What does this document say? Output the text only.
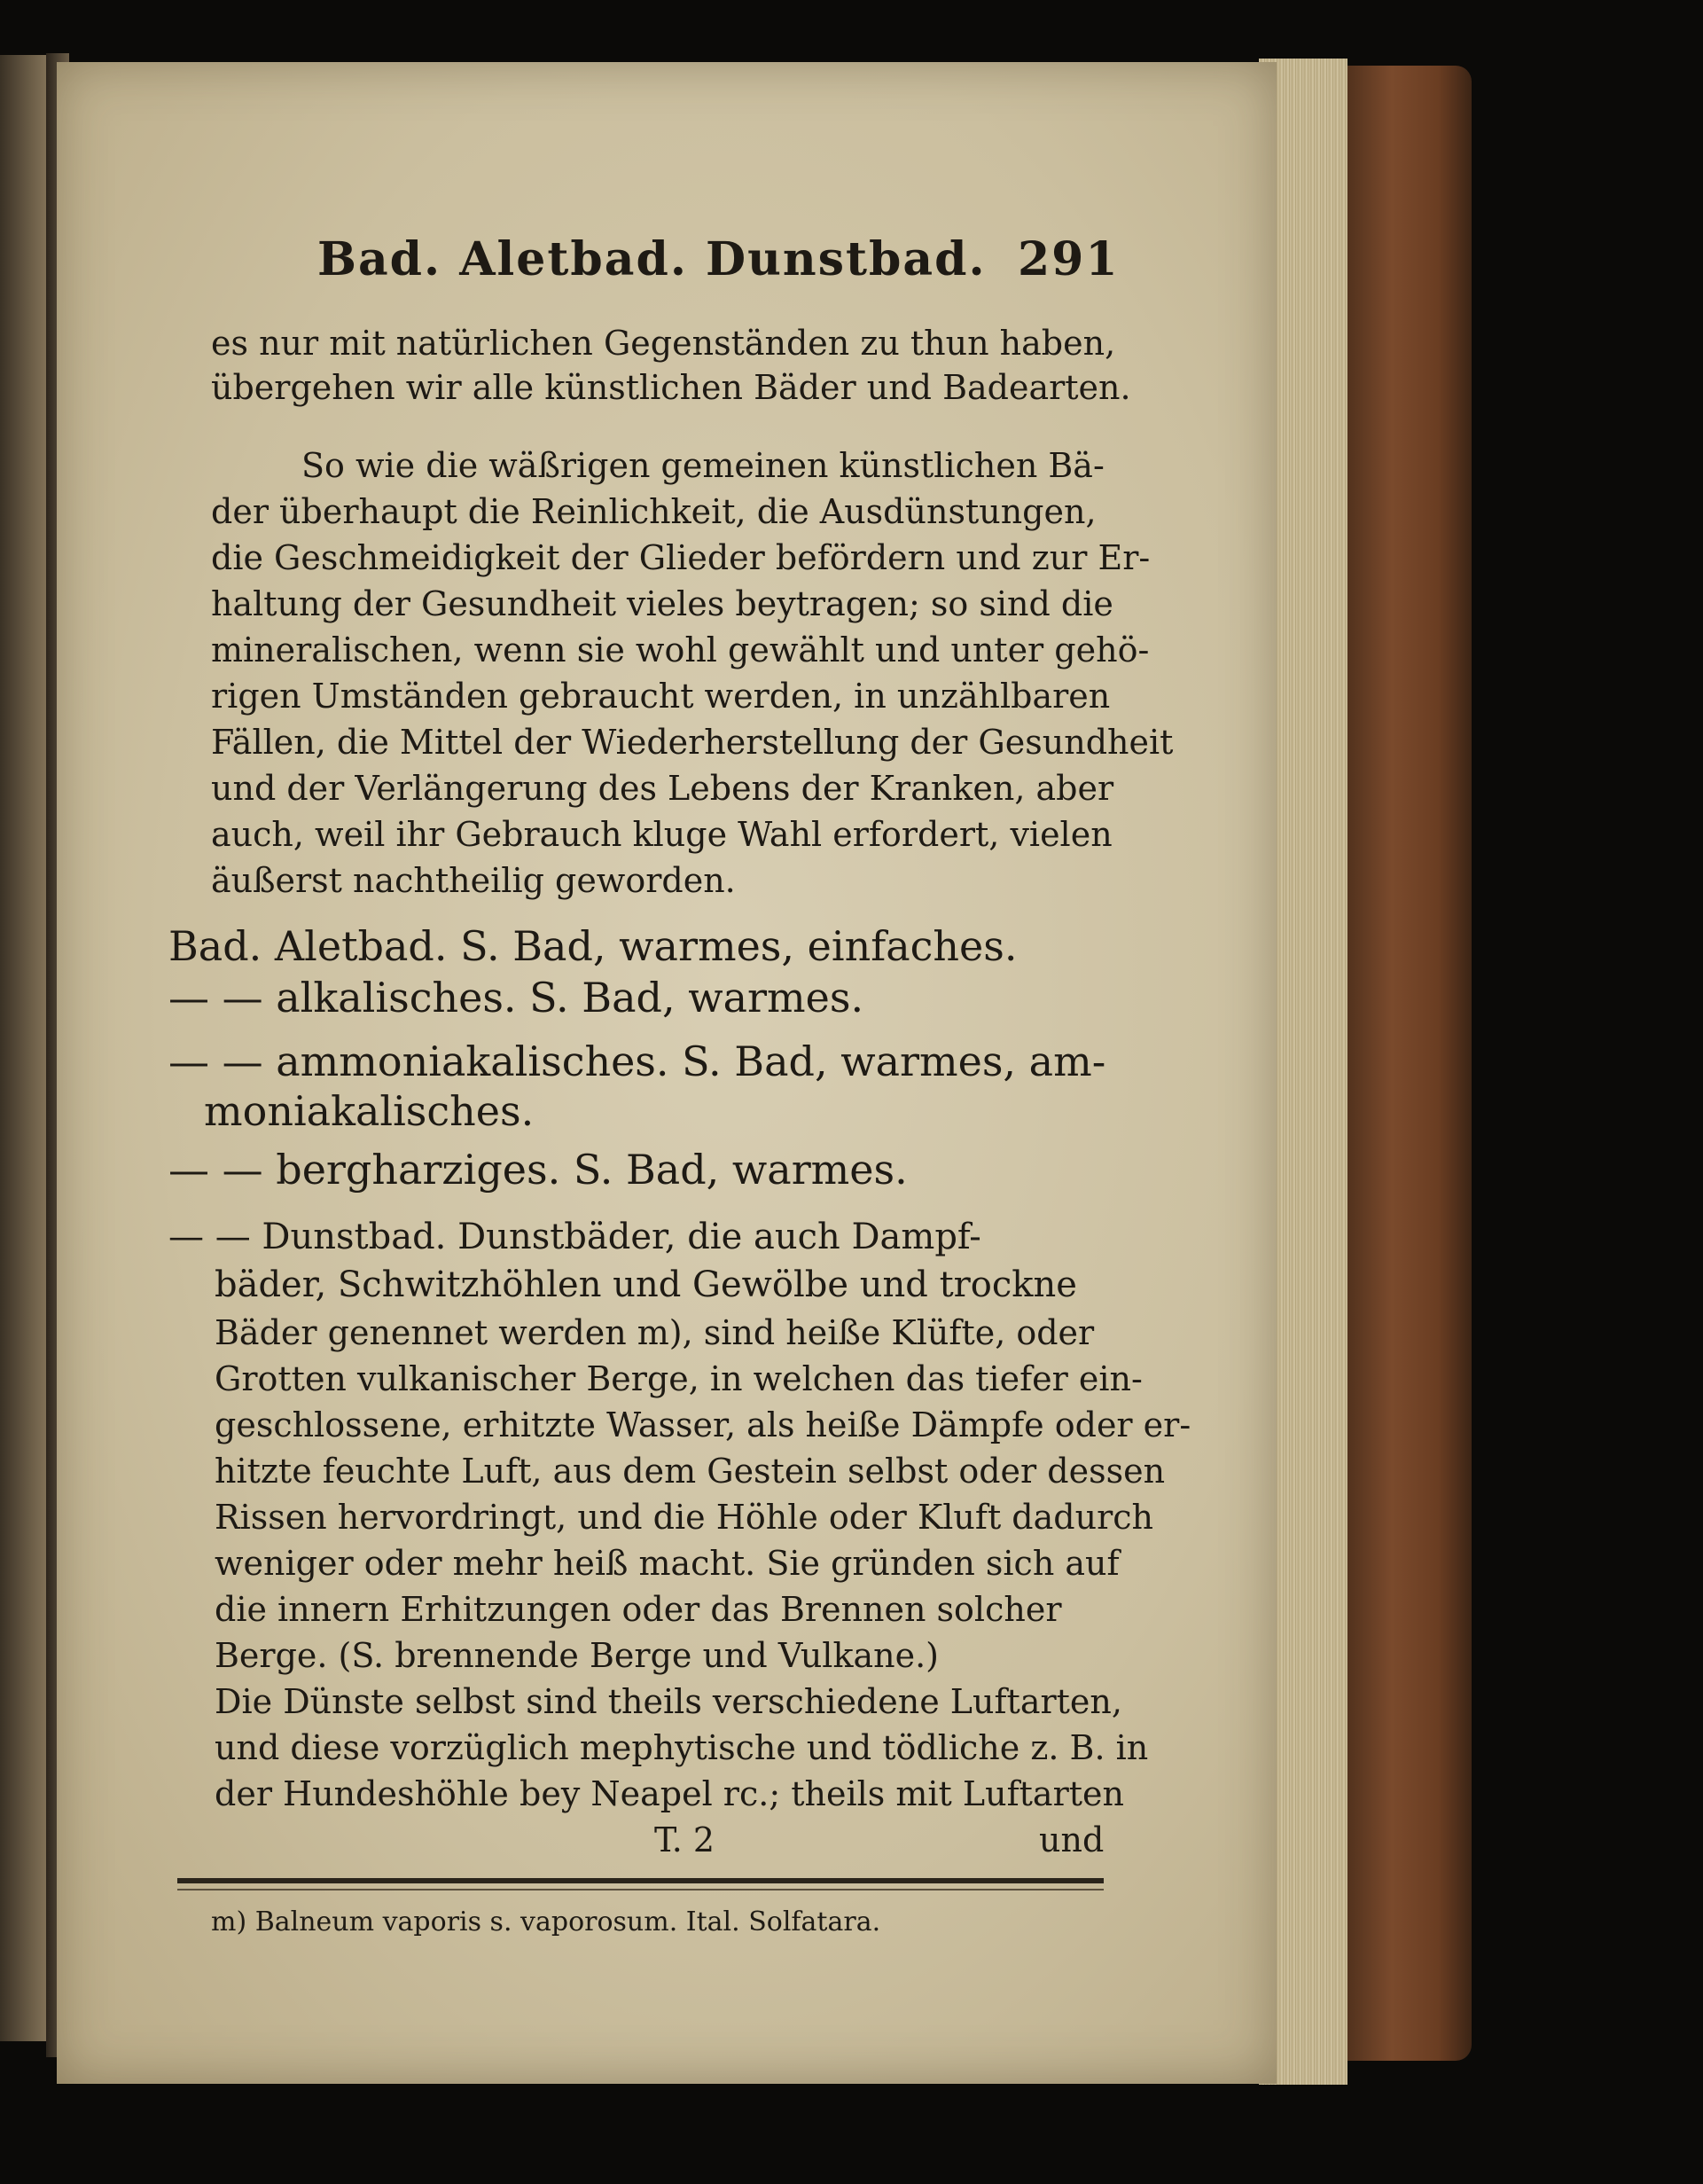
Bad. Aletbad. Dunstbad. 291
es nur mit natürlichen Gegenständen zu thun haben,
übergehen wir alle künstlichen Bäder und Badearten.
So wie die wäßrigen gemeinen künstlichen Bä-
der überhaupt die Reinlichkeit, die Ausdünstungen,
die Geschmeidigkeit der Glieder befördern und zur Er-
haltung der Gesundheit vieles beytragen; so sind die
mineralischen, wenn sie wohl gewählt und unter gehö-
rigen Umständen gebraucht werden, in unzählbaren
Fällen, die Mittel der Wiederherstellung der Gesundheit
und der Verlängerung des Lebens der Kranken, aber
auch, weil ihr Gebrauch kluge Wahl erfordert, vielen
äußerst nachtheilig geworden.
Bad. Aletbad. S. Bad, warmes, einfaches.
— — alkalisches. S. Bad, warmes.
— — ammoniakalisches. S. Bad, warmes, am-
moniakalisches.
— — bergharziges. S. Bad, warmes.
— — Dunstbad. Dunstbäder, die auch Dampf-
bäder, Schwitzhöhlen und Gewölbe und trockne
Bäder genennet werden m), sind heiße Klüfte, oder
Grotten vulkanischer Berge, in welchen das tiefer ein-
geschlossene, erhitzte Wasser, als heiße Dämpfe oder er-
hitzte feuchte Luft, aus dem Gestein selbst oder dessen
Rissen hervordringt, und die Höhle oder Kluft dadurch
weniger oder mehr heiß macht. Sie gründen sich auf
die innern Erhitzungen oder das Brennen solcher
Berge. (S. brennende Berge und Vulkane.)
Die Dünste selbst sind theils verschiedene Luftarten,
und diese vorzüglich mephytische und tödliche z. B. in
der Hundeshöhle bey Neapel rc.; theils mit Luftarten
T. 2	und
m) Balneum vaporis s. vaporosum. Ital. Solfatara.
